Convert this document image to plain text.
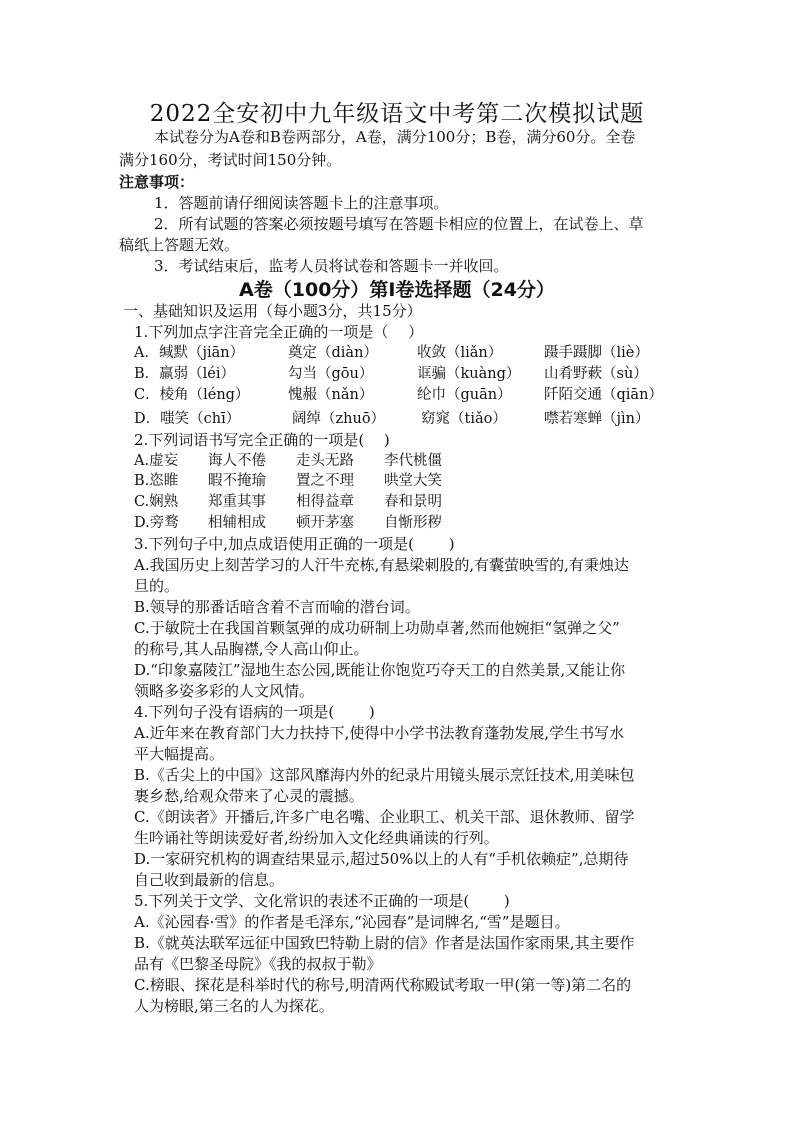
2022全安初中九年级语文中考第二次模拟试题
本试卷分为A卷和B卷两部分，A卷，满分100分；B卷，满分60分。全卷
满分160分，考试时间150分钟。
注意事项：
1．答题前请仔细阅读答题卡上的注意事项。
2．所有试题的答案必须按题号填写在答题卡相应的位置上，在试卷上、草
稿纸上答题无效。
3．考试结束后，监考人员将试卷和答题卡一并收回。
A卷（100分）第Ⅰ卷选择题（24分）
一、基础知识及运用（每小题3分，共15分）
1.下列加点字注音完全正确的一项是（　 ）
A．缄默（jiān）	奠定（diàn）	收敛（liǎn）	蹑手蹑脚（liè）
B．羸弱（léi）	勾当（gōu）	诓骗（kuàng） 山肴野蔌（sù）
C．棱角（léng）	愧赧（nǎn）	纶巾（guān） 阡陌交通（qiān）
D．嗤笑（chī）	阔绰（zhuō） 窈窕（tiǎo）	噤若寒蝉（jìn）
2.下列词语书写完全正确的一项是(　 )
A.虚妄 诲人不倦 走头无路 李代桃僵
B.恣睢 暇不掩瑜 置之不理 哄堂大笑
C.娴熟 郑重其事 相得益章 春和景明
D.旁骛 相辅相成 顿开茅塞 自惭形秽
3.下列句子中,加点成语使用正确的一项是(　 　)
A.我国历史上刻苦学习的人汗牛充栋,有悬梁刺股的,有囊萤映雪的,有秉烛达
旦的。
B.领导的那番话暗含着不言而喻的潜台词。
C.于敏院士在我国首颗氢弹的成功研制上功勋卓著,然而他婉拒“氢弹之父”
的称号,其人品胸襟,令人高山仰止。
D.“印象嘉陵江”湿地生态公园,既能让你饱览巧夺天工的自然美景,又能让你
领略多姿多彩的人文风情。
4.下列句子没有语病的一项是(　 　)
A.近年来在教育部门大力扶持下,使得中小学书法教育蓬勃发展,学生书写水
平大幅提高。
B.《舌尖上的中国》这部风靡海内外的纪录片用镜头展示烹饪技术,用美味包
裹乡愁,给观众带来了心灵的震撼。
C.《朗读者》开播后,许多广电名嘴、企业职工、机关干部、退休教师、留学
生吟诵社等朗读爱好者,纷纷加入文化经典诵读的行列。
D.一家研究机构的调查结果显示,超过50%以上的人有“手机依赖症”,总期待
自己收到最新的信息。
5.下列关于文学、文化常识的表述不正确的一项是(　 　)
A.《沁园春·雪》的作者是毛泽东,“沁园春”是词牌名,“雪”是题目。
B.《就英法联军远征中国致巴特勒上尉的信》作者是法国作家雨果,其主要作
品有《巴黎圣母院》《我的叔叔于勒》
C.榜眼、探花是科举时代的称号,明清两代称殿试考取一甲(第一等)第二名的
人为榜眼,第三名的人为探花。
